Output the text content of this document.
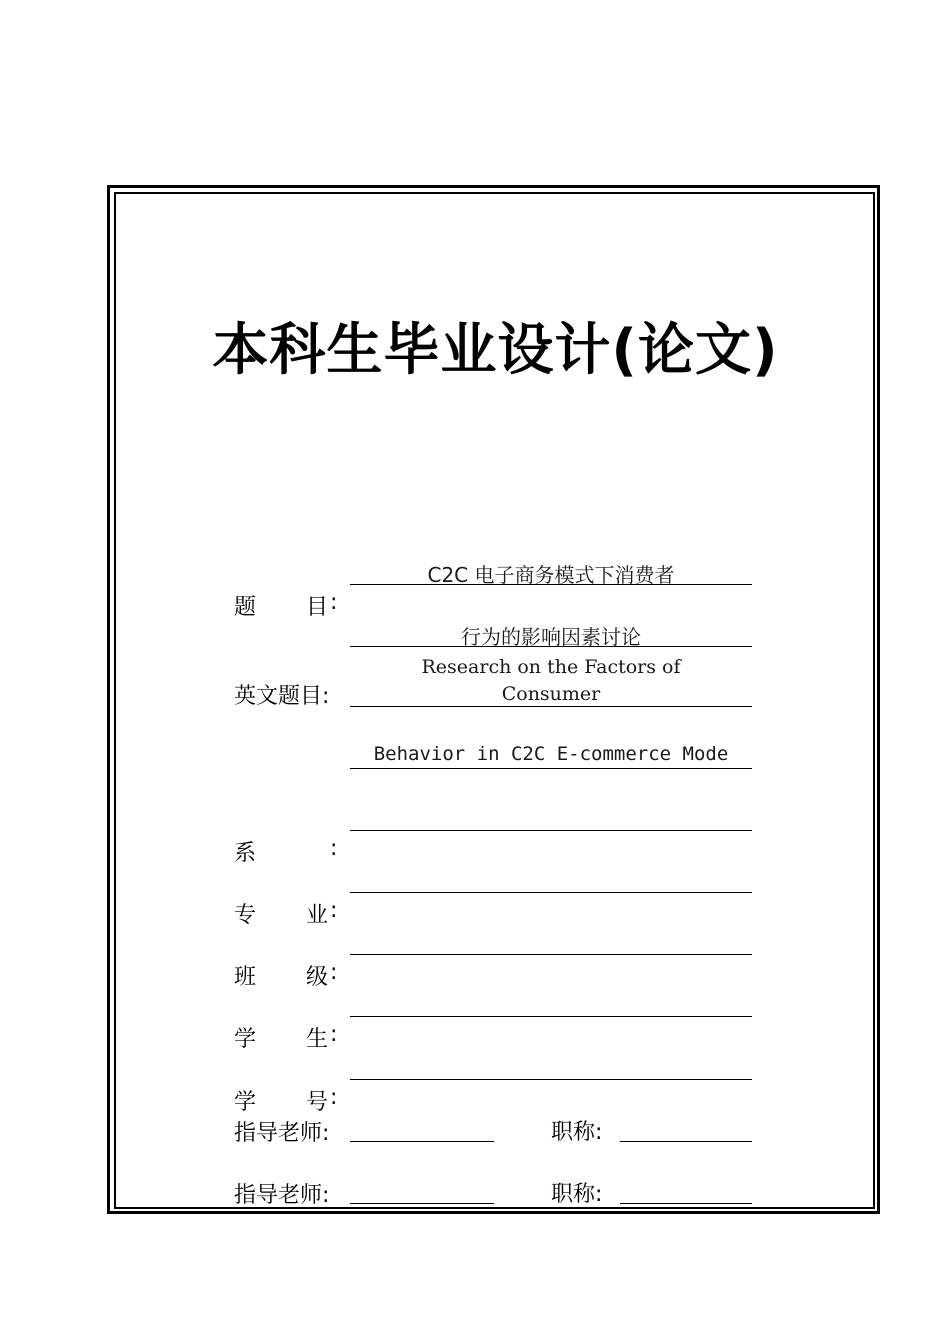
本科生毕业设计(论文)
题 目 :
C2C 电子商务模式下消费者
行为的影响因素讨论
英文题目:
Research on the Factors of
Consumer
Behavior in C2C E-commerce Mode
系	:
专 业 :
班 级 :
学 生 :
学 号 :
指导老师:	职称:
指导老师:	职称:
